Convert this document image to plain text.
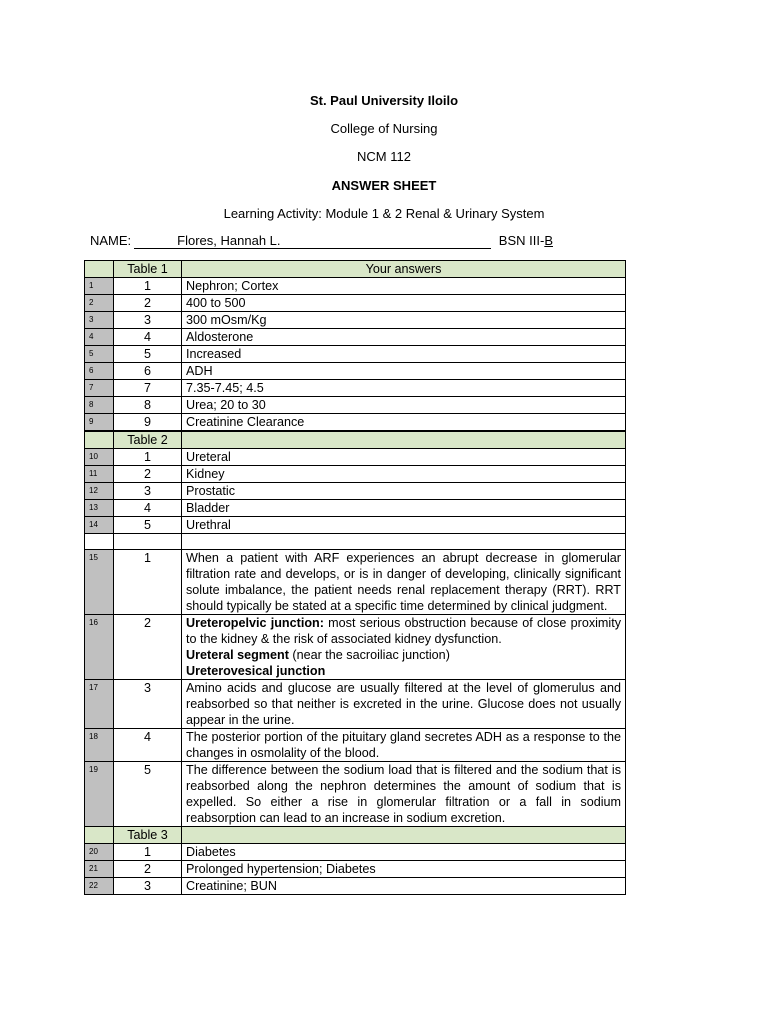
St. Paul University Iloilo
College of Nursing
NCM 112
ANSWER SHEET
Learning Activity: Module 1 & 2 Renal & Urinary System
NAME:	Flores, Hannah L.	BSN III-B
	Table 1	Your answers
1	1	Nephron; Cortex
2	2	400 to 500
3	3	300 mOsm/Kg
4	4	Aldosterone
5	5	Increased
6	6	ADH
7	7	7.35-7.45; 4.5
8	8	Urea; 20 to 30
9	9	Creatinine Clearance
	Table 2	
10	1	Ureteral
11	2	Kidney
12	3	Prostatic
13	4	Bladder
14	5	Urethral

15	1	When a patient with ARF experiences an abrupt decrease in glomerular filtration rate and develops, or is in danger of developing, clinically significant solute imbalance, the patient needs renal replacement therapy (RRT). RRT should typically be stated at a specific time determined by clinical judgment.
16	2	Ureteropelvic junction: most serious obstruction because of close proximity to the kidney & the risk of associated kidney dysfunction.
Ureteral segment (near the sacroiliac junction)
Ureterovesical junction

17	3	Amino acids and glucose are usually filtered at the level of glomerulus and reabsorbed so that neither is excreted in the urine. Glucose does not usually appear in the urine.
18	4	The posterior portion of the pituitary gland secretes ADH as a response to the changes in osmolality of the blood.
19	5	The difference between the sodium load that is filtered and the sodium that is reabsorbed along the nephron determines the amount of sodium that is expelled. So either a rise in glomerular filtration or a fall in sodium reabsorption can lead to an increase in sodium excretion.
	Table 3	
20	1	Diabetes
21	2	Prolonged hypertension; Diabetes
22	3	Creatinine; BUN
